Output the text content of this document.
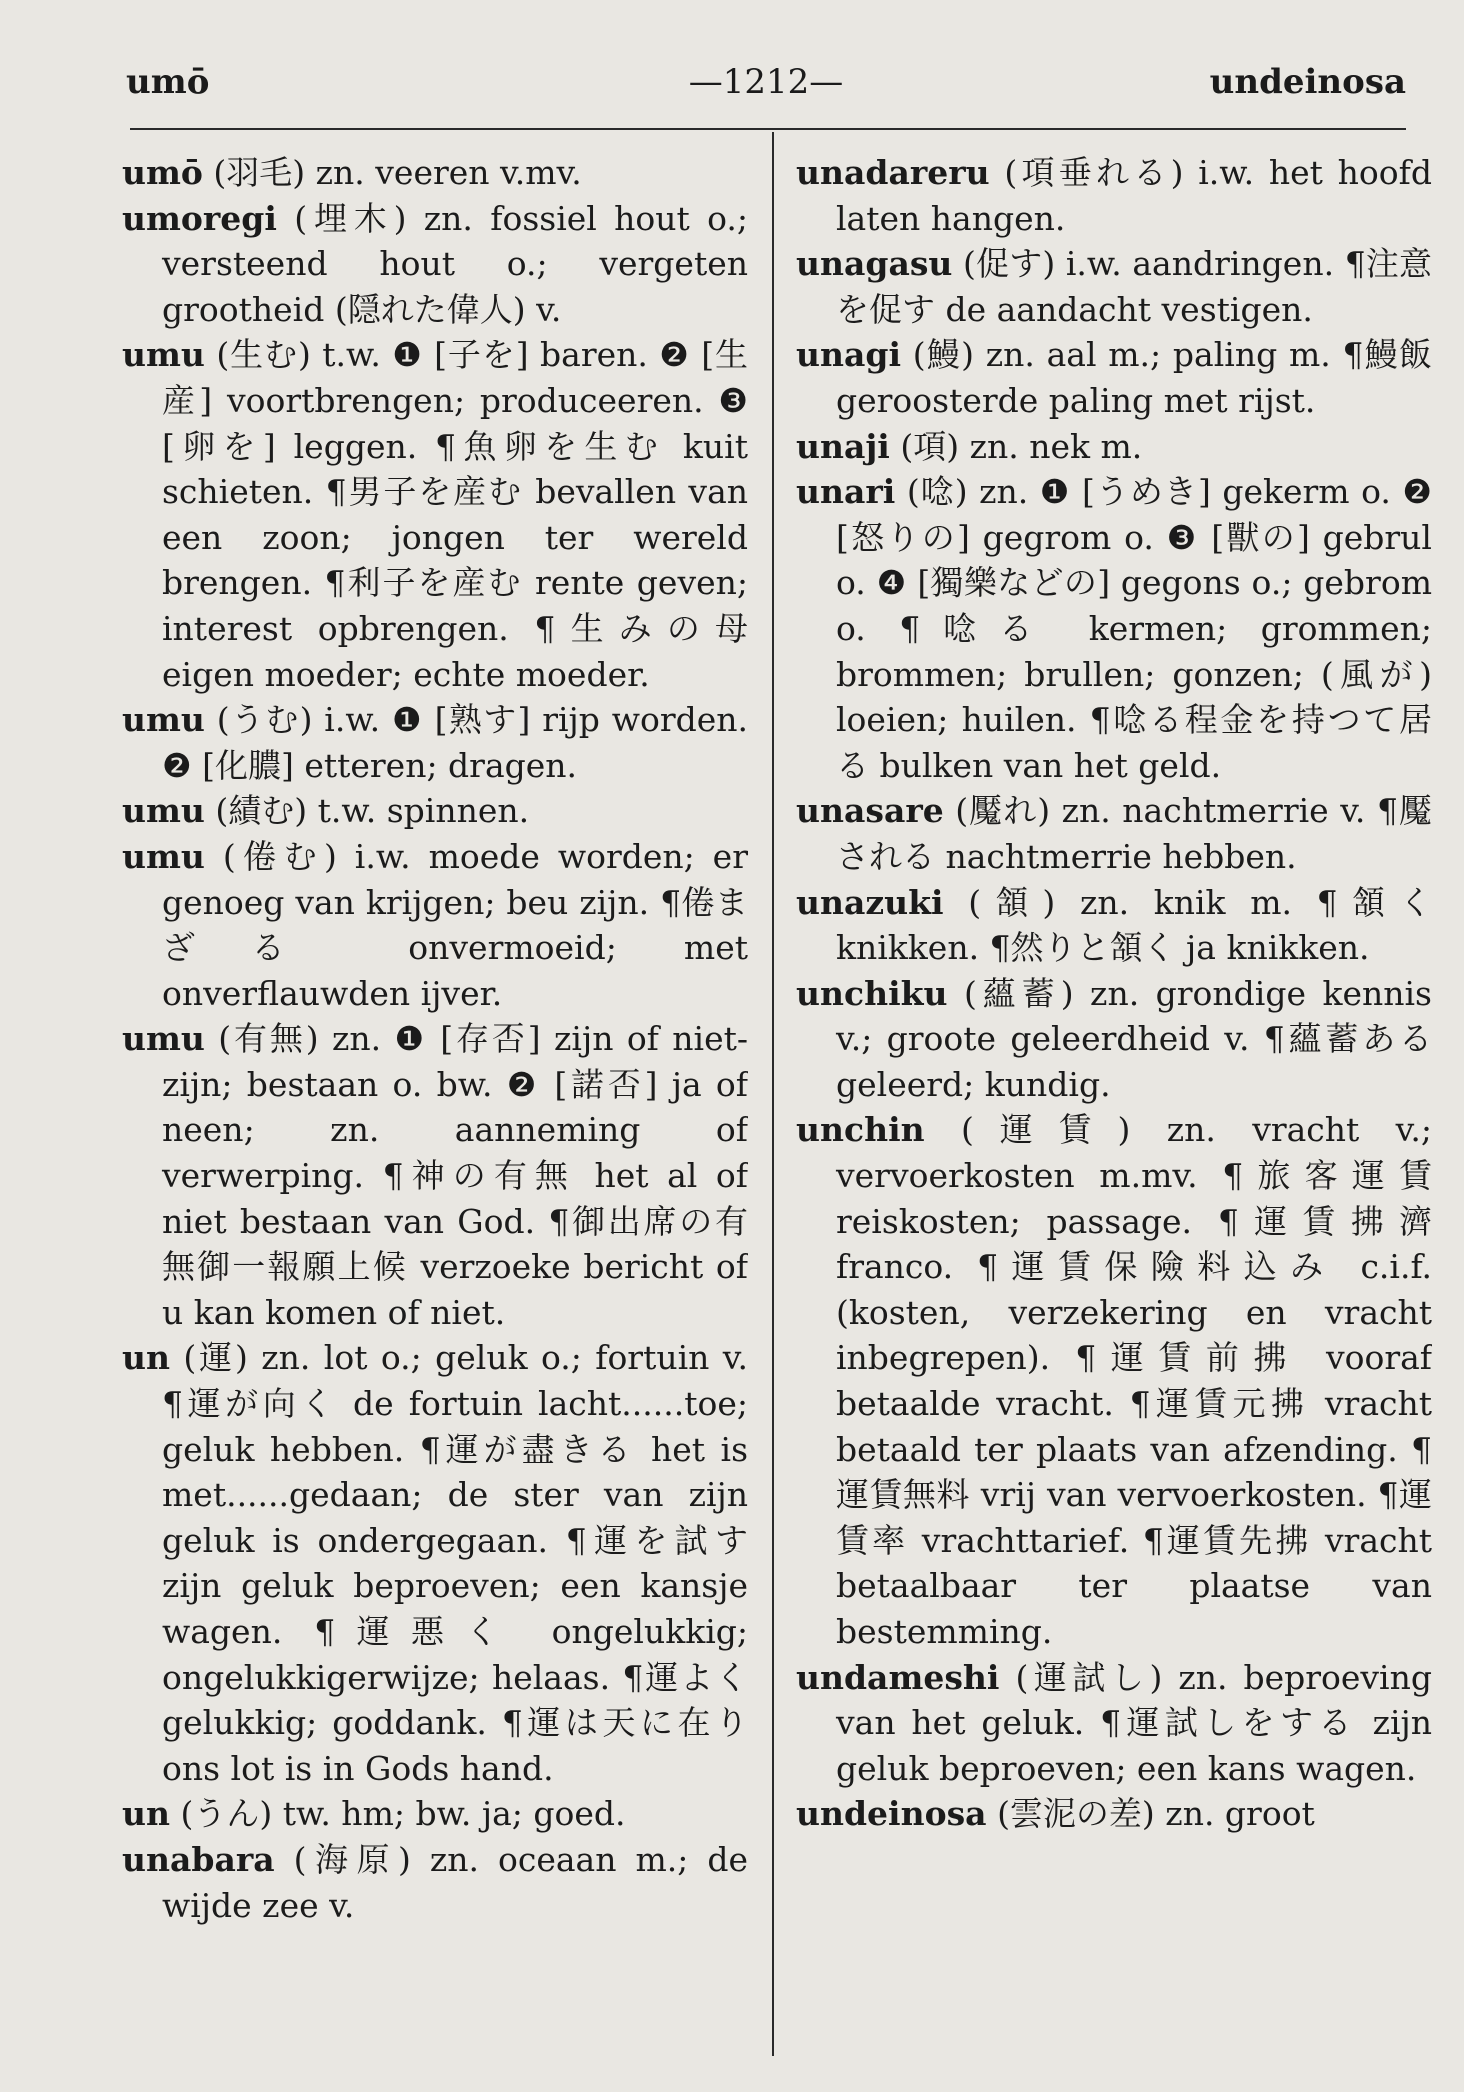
umō	—1212—	undeinosa

umō (羽毛) zn. veeren v.mv.

umoregi (埋木) zn. fossiel hout o.; versteend hout o.; vergeten grootheid (隠れた偉人) v.

umu (生む) t.w. ❶ [子を] baren. ❷ [生産] voortbrengen; produceeren. ❸ [卵を] leggen. ¶魚卵を生む kuit schieten. ¶男子を産む bevallen van een zoon; jongen ter wereld brengen. ¶利子を産む rente geven; interest opbrengen. ¶生みの母 eigen moeder; echte moeder.

umu (うむ) i.w. ❶ [熟す] rijp worden. ❷ [化膿] etteren; dragen.

umu (績む) t.w. spinnen.

umu (倦む) i.w. moede worden; er genoeg van krijgen; beu zijn. ¶倦まざる onvermoeid; met onverflauwden ijver.

umu (有無) zn. ❶ [存否] zijn of niet-zijn; bestaan o. bw. ❷ [諾否] ja of neen; zn. aanneming of verwerping. ¶神の有無 het al of niet bestaan van God. ¶御出席の有無御一報願上候 verzoeke bericht of u kan komen of niet.

un (運) zn. lot o.; geluk o.; fortuin v. ¶運が向く de fortuin lacht......toe; geluk hebben. ¶運が盡きる het is met......gedaan; de ster van zijn geluk is ondergegaan. ¶運を試す zijn geluk beproeven; een kansje wagen. ¶運悪く ongelukkig; ongelukkigerwijze; helaas. ¶運よく gelukkig; goddank. ¶運は天に在り ons lot is in Gods hand.

un (うん) tw. hm; bw. ja; goed.

unabara (海原) zn. oceaan m.; de wijde zee v.

unadareru (項垂れる) i.w. het hoofd laten hangen.

unagasu (促す) i.w. aandringen. ¶注意を促す de aandacht vestigen.

unagi (鰻) zn. aal m.; paling m. ¶鰻飯 geroosterde paling met rijst.

unaji (項) zn. nek m.

unari (唸) zn. ❶ [うめき] gekerm o. ❷ [怒りの] gegrom o. ❸ [獸の] gebrul o. ❹ [獨樂などの] gegons o.; gebrom o. ¶唸る kermen; grommen; brommen; brullen; gonzen; (風が) loeien; huilen. ¶唸る程金を持つて居る bulken van het geld.

unasare (魘れ) zn. nachtmerrie v. ¶魘される nachtmerrie hebben.

unazuki (頷) zn. knik m. ¶頷く knikken. ¶然りと頷く ja knikken.

unchiku (蘊蓄) zn. grondige kennis v.; groote geleerdheid v. ¶蘊蓄ある geleerd; kundig.

unchin (運賃) zn. vracht v.; vervoerkosten m.mv. ¶旅客運賃 reiskosten; passage. ¶運賃拂濟 franco. ¶運賃保險料込み c.i.f. (kosten, verzekering en vracht inbegrepen). ¶運賃前拂 vooraf betaalde vracht. ¶運賃元拂 vracht betaald ter plaats van afzending. ¶運賃無料 vrij van vervoerkosten. ¶運賃率 vrachttarief. ¶運賃先拂 vracht betaalbaar ter plaatse van bestemming.

undameshi (運試し) zn. beproeving van het geluk. ¶運試しをする zijn geluk beproeven; een kans wagen.

undeinosa (雲泥の差) zn. groot
